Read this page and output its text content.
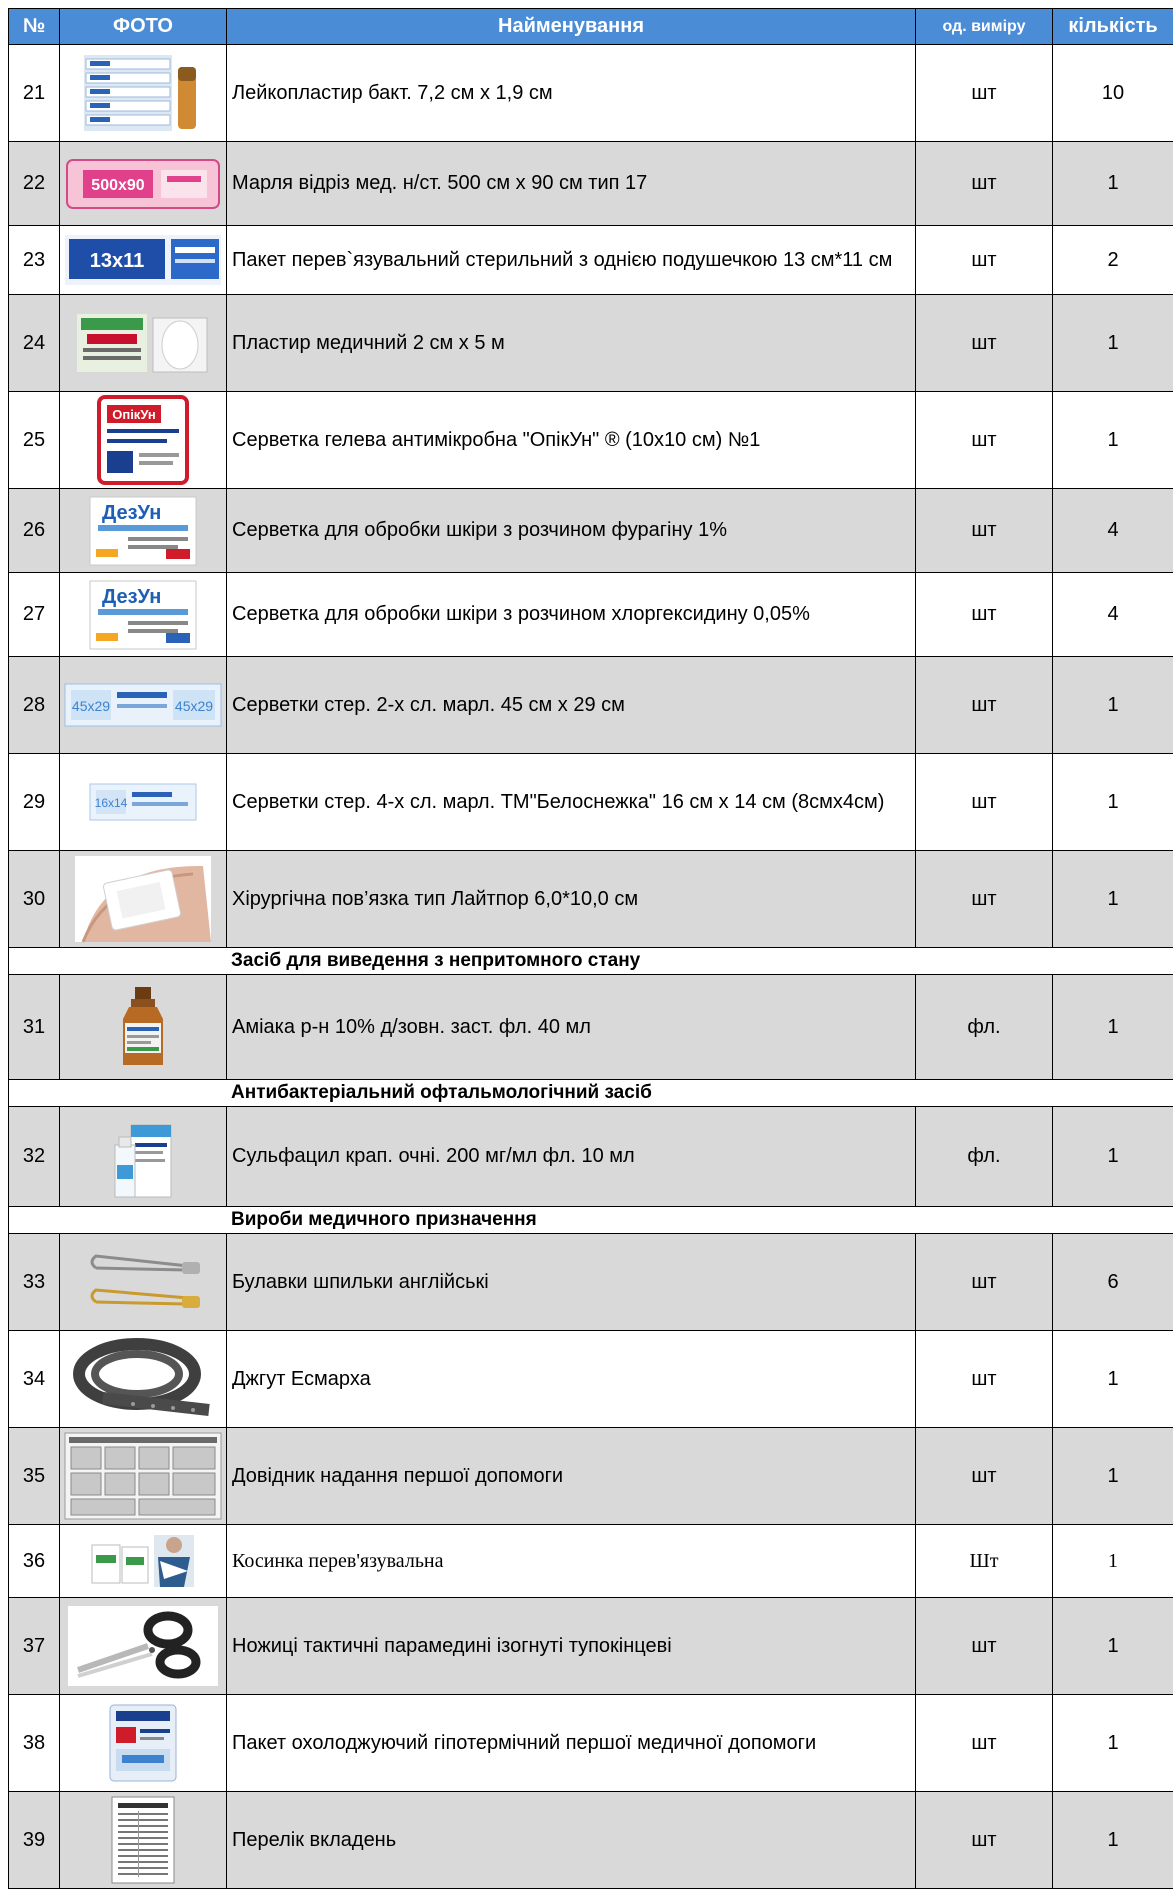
№	ФОТО	Найменування	од. виміру	кількість
21		Лейкопластир бакт. 7,2 см х 1,9 см	шт	10
22	500x90	Марля відріз мед. н/ст. 500 см х 90 см тип 17	шт	1
23	13x11	Пакет перев`язувальний стерильний з однією подушечкою 13 см*11 см	шт	2
24		Пластир медичний 2 см х 5 м	шт	1
25	ОпікУн	Серветка гелева антимікробна "ОпікУн" ® (10х10 см) №1	шт	1
26	ДезУн	Серветка для обробки шкіри з розчином фурагіну 1%	шт	4
27	ДезУн	Серветка для обробки шкіри з розчином хлоргексидину 0,05%	шт	4
28	45x29 45x29	Серветки стер. 2-х сл. марл. 45 см х 29 см	шт	1
29	16x14	Серветки стер. 4-х сл. марл. ТМ"Белоснежка" 16 см х 14 см (8смх4см)	шт	1
30		Хірургічна пов’язка тип Лайтпор 6,0*10,0 см	шт	1
Засіб для виведення з непритомного стану				
31		Аміака р-н 10% д/зовн. заст. фл. 40 мл	фл.	1
Антибактеріальний офтальмологічний засіб				
32		Сульфацил крап. очні. 200 мг/мл фл. 10 мл	фл.	1
Вироби медичного призначення				
33		Булавки шпильки англійські	шт	6
34		Джгут Есмарха	шт	1
35		Довідник надання першої допомоги	шт	1
36		Косинка перев'язувальна	Шт	1
37		Ножиці тактичні парамедині ізогнуті тупокінцеві	шт	1
38		Пакет охолоджуючий гіпотермічний першої медичної допомоги	шт	1
39		Перелік вкладень	шт	1
